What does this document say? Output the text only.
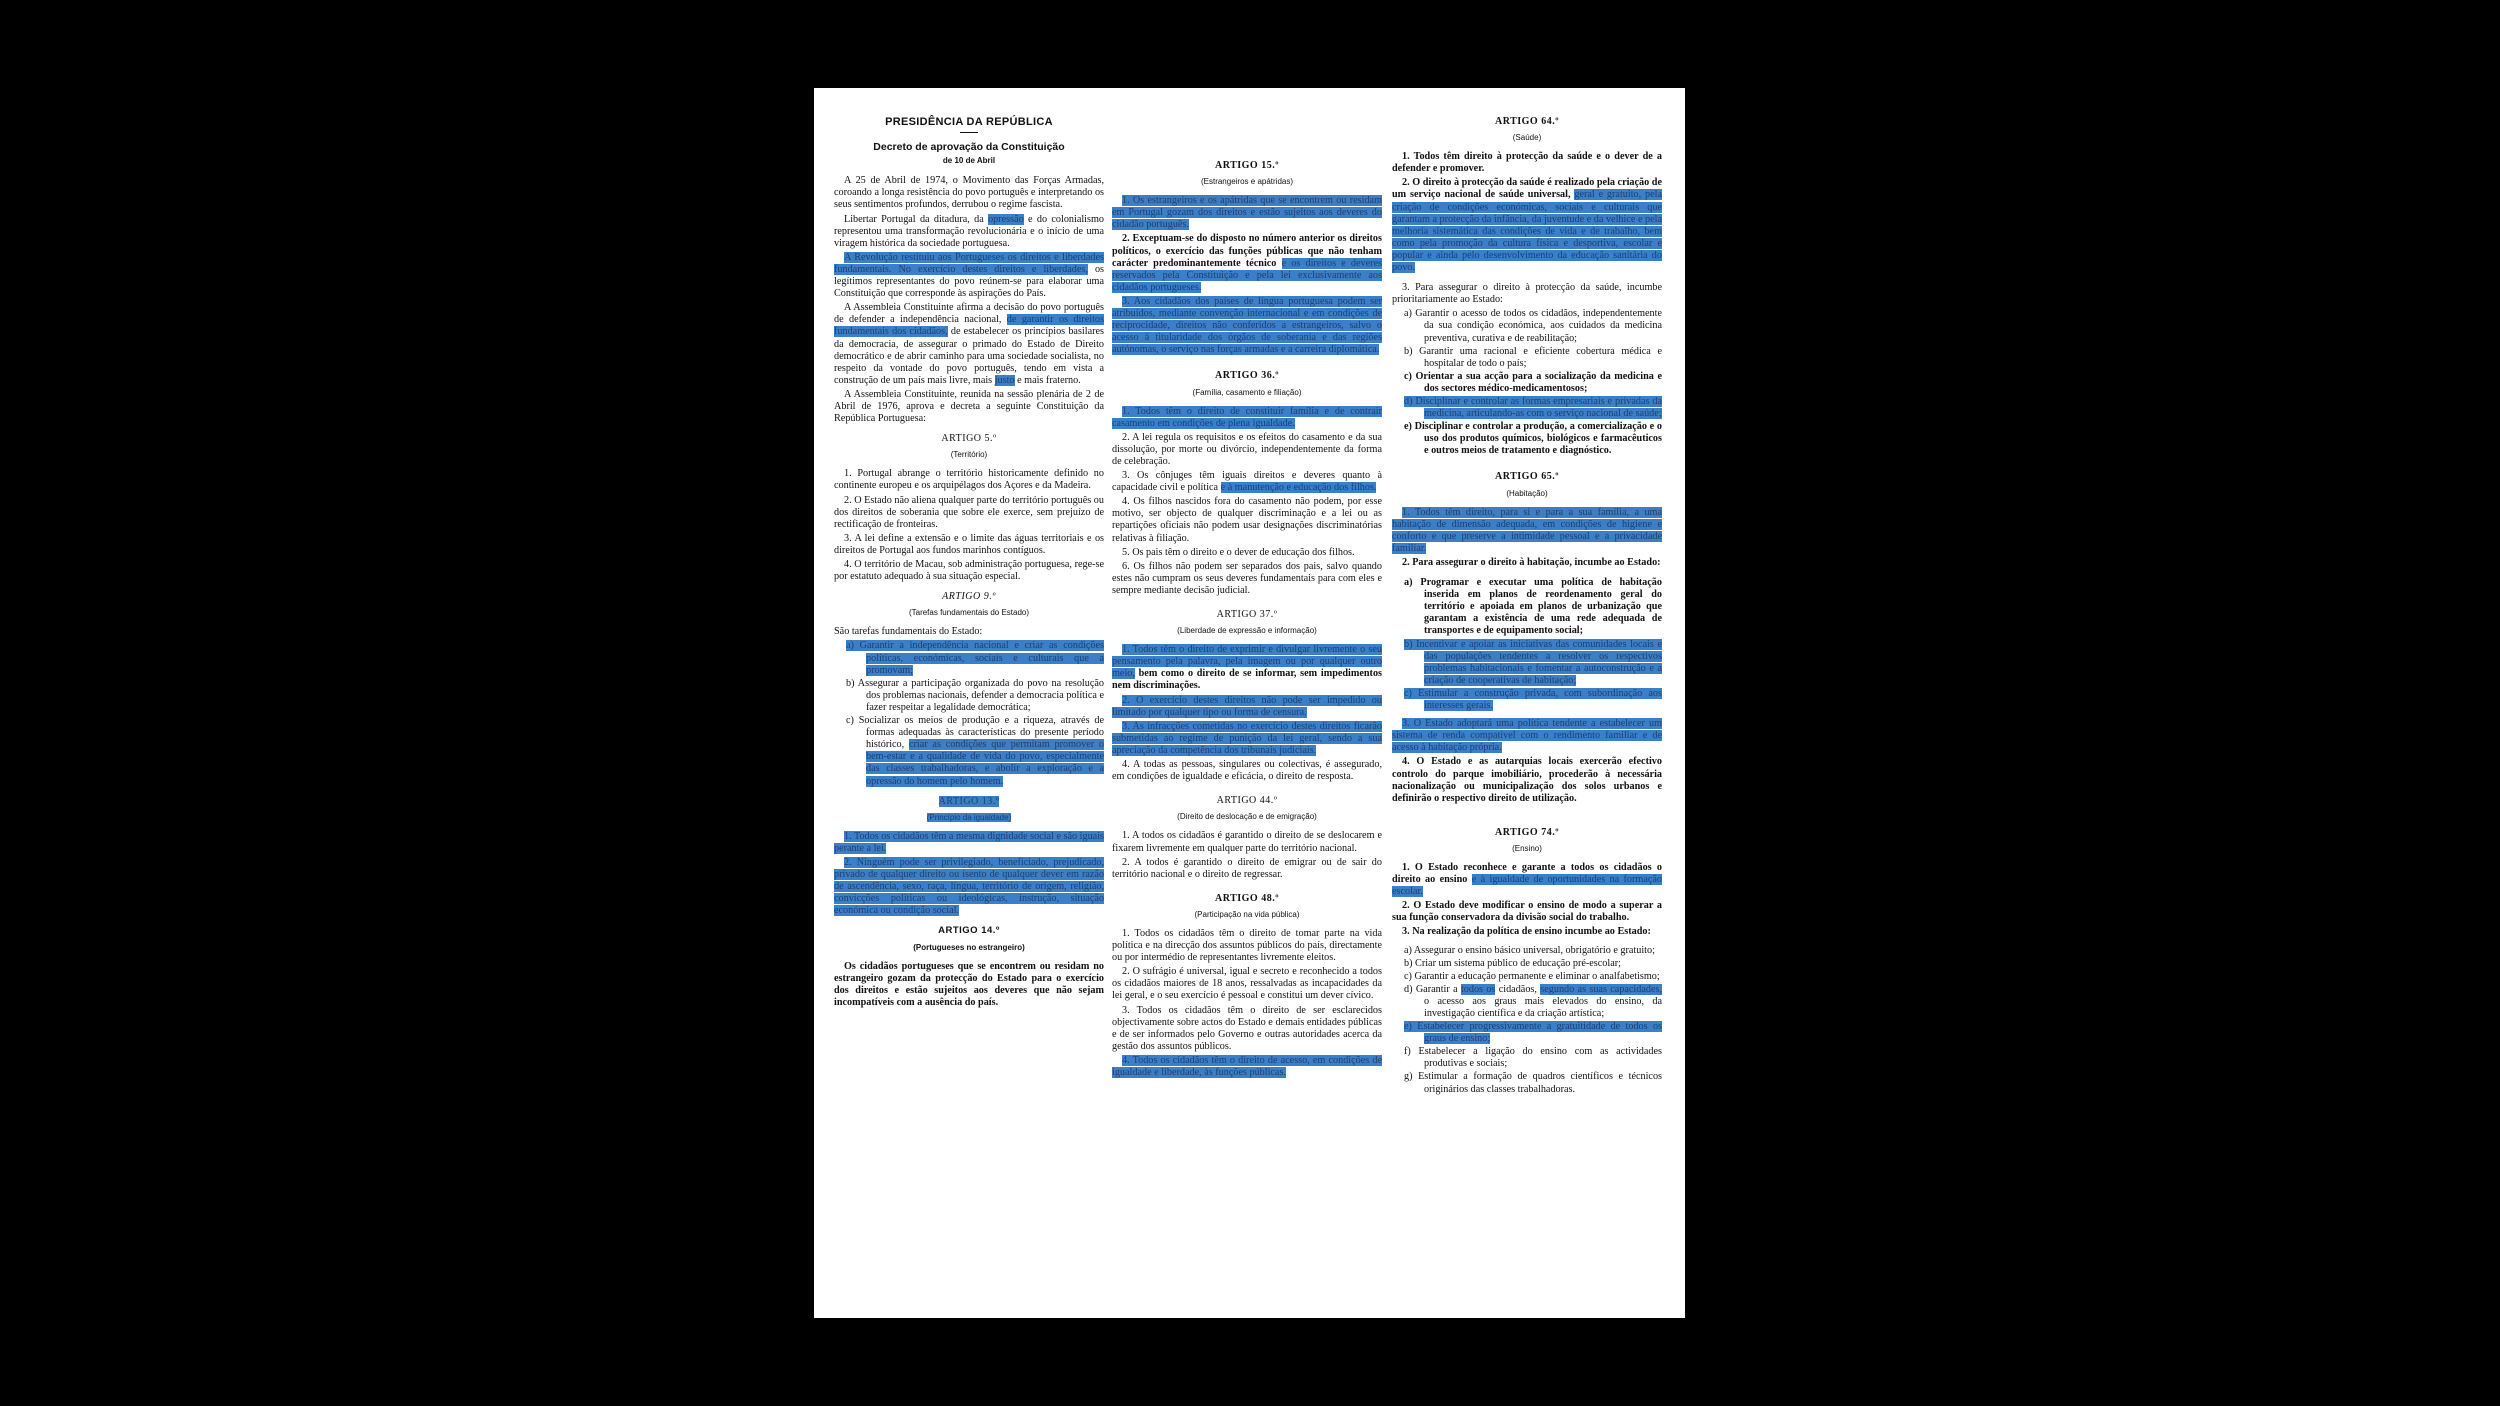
PRESIDÊNCIA DA REPÚBLICA
Decreto de aprovação da Constituição
de 10 de Abril

A 25 de Abril de 1974, o Movimento das Forças Armadas, coroando a longa resistência do povo português e interpretando os seus sentimentos profundos, derrubou o regime fascista.

Libertar Portugal da ditadura, da opressão e do colonialismo representou uma transformação revolucionária e o início de uma viragem histórica da sociedade portuguesa.

A Revolução restituiu aos Portugueses os direitos e liberdades fundamentais. No exercício destes direitos e liberdades, os legítimos representantes do povo reúnem-se para elaborar uma Constituição que corresponde às aspirações do País.

A Assembleia Constituinte afirma a decisão do povo português de defender a independência nacional, de garantir os direitos fundamentais dos cidadãos, de estabelecer os princípios basilares da democracia, de assegurar o primado do Estado de Direito democrático e de abrir caminho para uma sociedade socialista, no respeito da vontade do povo português, tendo em vista a construção de um país mais livre, mais justo e mais fraterno.

A Assembleia Constituinte, reunida na sessão plenária de 2 de Abril de 1976, aprova e decreta a seguinte Constituição da República Portuguesa:

ARTIGO 5.º
(Território)

1. Portugal abrange o território historicamente definido no continente europeu e os arquipélagos dos Açores e da Madeira.

2. O Estado não aliena qualquer parte do território português ou dos direitos de soberania que sobre ele exerce, sem prejuízo de rectificação de fronteiras.

3. A lei define a extensão e o limite das águas territoriais e os direitos de Portugal aos fundos marinhos contíguos.

4. O território de Macau, sob administração portuguesa, rege-se por estatuto adequado à sua situação especial.

ARTIGO 9.º
(Tarefas fundamentais do Estado)

São tarefas fundamentais do Estado:

a) Garantir a independência nacional e criar as condições políticas, económicas, sociais e culturais que a promovam;

b) Assegurar a participação organizada do povo na resolução dos problemas nacionais, defender a democracia política e fazer respeitar a legalidade democrática;

c) Socializar os meios de produção e a riqueza, através de formas adequadas às características do presente período histórico, criar as condições que permitam promover o bem-estar e a qualidade de vida do povo, especialmente das classes trabalhadoras, e abolir a exploração e a opressão do homem pelo homem.

ARTIGO 13.º
(Princípio da igualdade)

1. Todos os cidadãos têm a mesma dignidade social e são iguais perante a lei.

2. Ninguém pode ser privilegiado, beneficiado, prejudicado, privado de qualquer direito ou isento de qualquer dever em razão de ascendência, sexo, raça, língua, território de origem, religião, convicções políticas ou ideológicas, instrução, situação económica ou condição social.

ARTIGO 14.º
(Portugueses no estrangeiro)

Os cidadãos portugueses que se encontrem ou residam no estrangeiro gozam da protecção do Estado para o exercício dos direitos e estão sujeitos aos deveres que não sejam incompatíveis com a ausência do país.

ARTIGO 15.º
(Estrangeiros e apátridas)

1. Os estrangeiros e os apátridas que se encontrem ou residam em Portugal gozam dos direitos e estão sujeitos aos deveres do cidadão português.

2. Exceptuam-se do disposto no número anterior os direitos políticos, o exercício das funções públicas que não tenham carácter predominantemente técnico e os direitos e deveres reservados pela Constituição e pela lei exclusivamente aos cidadãos portugueses.

3. Aos cidadãos dos países de língua portuguesa podem ser atribuídos, mediante convenção internacional e em condições de reciprocidade, direitos não conferidos a estrangeiros, salvo o acesso à titularidade dos órgãos de soberania e das regiões autónomas, o serviço nas forças armadas e a carreira diplomática.

ARTIGO 36.º
(Família, casamento e filiação)

1. Todos têm o direito de constituir família e de contrair casamento em condições de plena igualdade.

2. A lei regula os requisitos e os efeitos do casamento e da sua dissolução, por morte ou divórcio, independentemente da forma de celebração.

3. Os cônjuges têm iguais direitos e deveres quanto à capacidade civil e política e à manutenção e educação dos filhos.

4. Os filhos nascidos fora do casamento não podem, por esse motivo, ser objecto de qualquer discriminação e a lei ou as repartições oficiais não podem usar designações discriminatórias relativas à filiação.

5. Os pais têm o direito e o dever de educação dos filhos.

6. Os filhos não podem ser separados dos pais, salvo quando estes não cumpram os seus deveres fundamentais para com eles e sempre mediante decisão judicial.

ARTIGO 37.º
(Liberdade de expressão e informação)

1. Todos têm o direito de exprimir e divulgar livremente o seu pensamento pela palavra, pela imagem ou por qualquer outro meio, bem como o direito de se informar, sem impedimentos nem discriminações.

2. O exercício destes direitos não pode ser impedido ou limitado por qualquer tipo ou forma de censura.

3. As infracções cometidas no exercício destes direitos ficarão submetidas ao regime de punição da lei geral, sendo a sua apreciação da competência dos tribunais judiciais.

4. A todas as pessoas, singulares ou colectivas, é assegurado, em condições de igualdade e eficácia, o direito de resposta.

ARTIGO 44.º
(Direito de deslocação e de emigração)

1. A todos os cidadãos é garantido o direito de se deslocarem e fixarem livremente em qualquer parte do território nacional.

2. A todos é garantido o direito de emigrar ou de sair do território nacional e o direito de regressar.

ARTIGO 48.º
(Participação na vida pública)

1. Todos os cidadãos têm o direito de tomar parte na vida política e na direcção dos assuntos públicos do país, directamente ou por intermédio de representantes livremente eleitos.

2. O sufrágio é universal, igual e secreto e reconhecido a todos os cidadãos maiores de 18 anos, ressalvadas as incapacidades da lei geral, e o seu exercício é pessoal e constitui um dever cívico.

3. Todos os cidadãos têm o direito de ser esclarecidos objectivamente sobre actos do Estado e demais entidades públicas e de ser informados pelo Governo e outras autoridades acerca da gestão dos assuntos públicos.

4. Todos os cidadãos têm o direito de acesso, em condições de igualdade e liberdade, às funções públicas.

ARTIGO 64.º
(Saúde)

1. Todos têm direito à protecção da saúde e o dever de a defender e promover.

2. O direito à protecção da saúde é realizado pela criação de um serviço nacional de saúde universal, geral e gratuito, pela criação de condições económicas, sociais e culturais que garantam a protecção da infância, da juventude e da velhice e pela melhoria sistemática das condições de vida e de trabalho, bem como pela promoção da cultura física e desportiva, escolar e popular e ainda pelo desenvolvimento da educação sanitária do povo.

3. Para assegurar o direito à protecção da saúde, incumbe prioritariamente ao Estado:

a) Garantir o acesso de todos os cidadãos, independentemente da sua condição económica, aos cuidados da medicina preventiva, curativa e de reabilitação;

b) Garantir uma racional e eficiente cobertura médica e hospitalar de todo o país;

c) Orientar a sua acção para a socialização da medicina e dos sectores médico-medicamentosos;

d) Disciplinar e controlar as formas empresariais e privadas da medicina, articulando-as com o serviço nacional de saúde;

e) Disciplinar e controlar a produção, a comercialização e o uso dos produtos químicos, biológicos e farmacêuticos e outros meios de tratamento e diagnóstico.

ARTIGO 65.º
(Habitação)

1. Todos têm direito, para si e para a sua família, a uma habitação de dimensão adequada, em condições de higiene e conforto e que preserve a intimidade pessoal e a privacidade familiar.

2. Para assegurar o direito à habitação, incumbe ao Estado:

a) Programar e executar uma política de habitação inserida em planos de reordenamento geral do território e apoiada em planos de urbanização que garantam a existência de uma rede adequada de transportes e de equipamento social;

b) Incentivar e apoiar as iniciativas das comunidades locais e das populações tendentes a resolver os respectivos problemas habitacionais e fomentar a autoconstrução e a criação de cooperativas de habitação;

c) Estimular a construção privada, com subordinação aos interesses gerais.

3. O Estado adoptará uma política tendente a estabelecer um sistema de renda compatível com o rendimento familiar e de acesso à habitação própria.

4. O Estado e as autarquias locais exercerão efectivo controlo do parque imobiliário, procederão à necessária nacionalização ou municipalização dos solos urbanos e definirão o respectivo direito de utilização.

ARTIGO 74.º
(Ensino)

1. O Estado reconhece e garante a todos os cidadãos o direito ao ensino e à igualdade de oportunidades na formação escolar.

2. O Estado deve modificar o ensino de modo a superar a sua função conservadora da divisão social do trabalho.

3. Na realização da política de ensino incumbe ao Estado:

a) Assegurar o ensino básico universal, obrigatório e gratuito;

b) Criar um sistema público de educação pré-escolar;

c) Garantir a educação permanente e eliminar o analfabetismo;

d) Garantir a todos os cidadãos, segundo as suas capacidades, o acesso aos graus mais elevados do ensino, da investigação científica e da criação artística;

e) Estabelecer progressivamente a gratuitidade de todos os graus de ensino;

f) Estabelecer a ligação do ensino com as actividades produtivas e sociais;

g) Estimular a formação de quadros científicos e técnicos originários das classes trabalhadoras.
